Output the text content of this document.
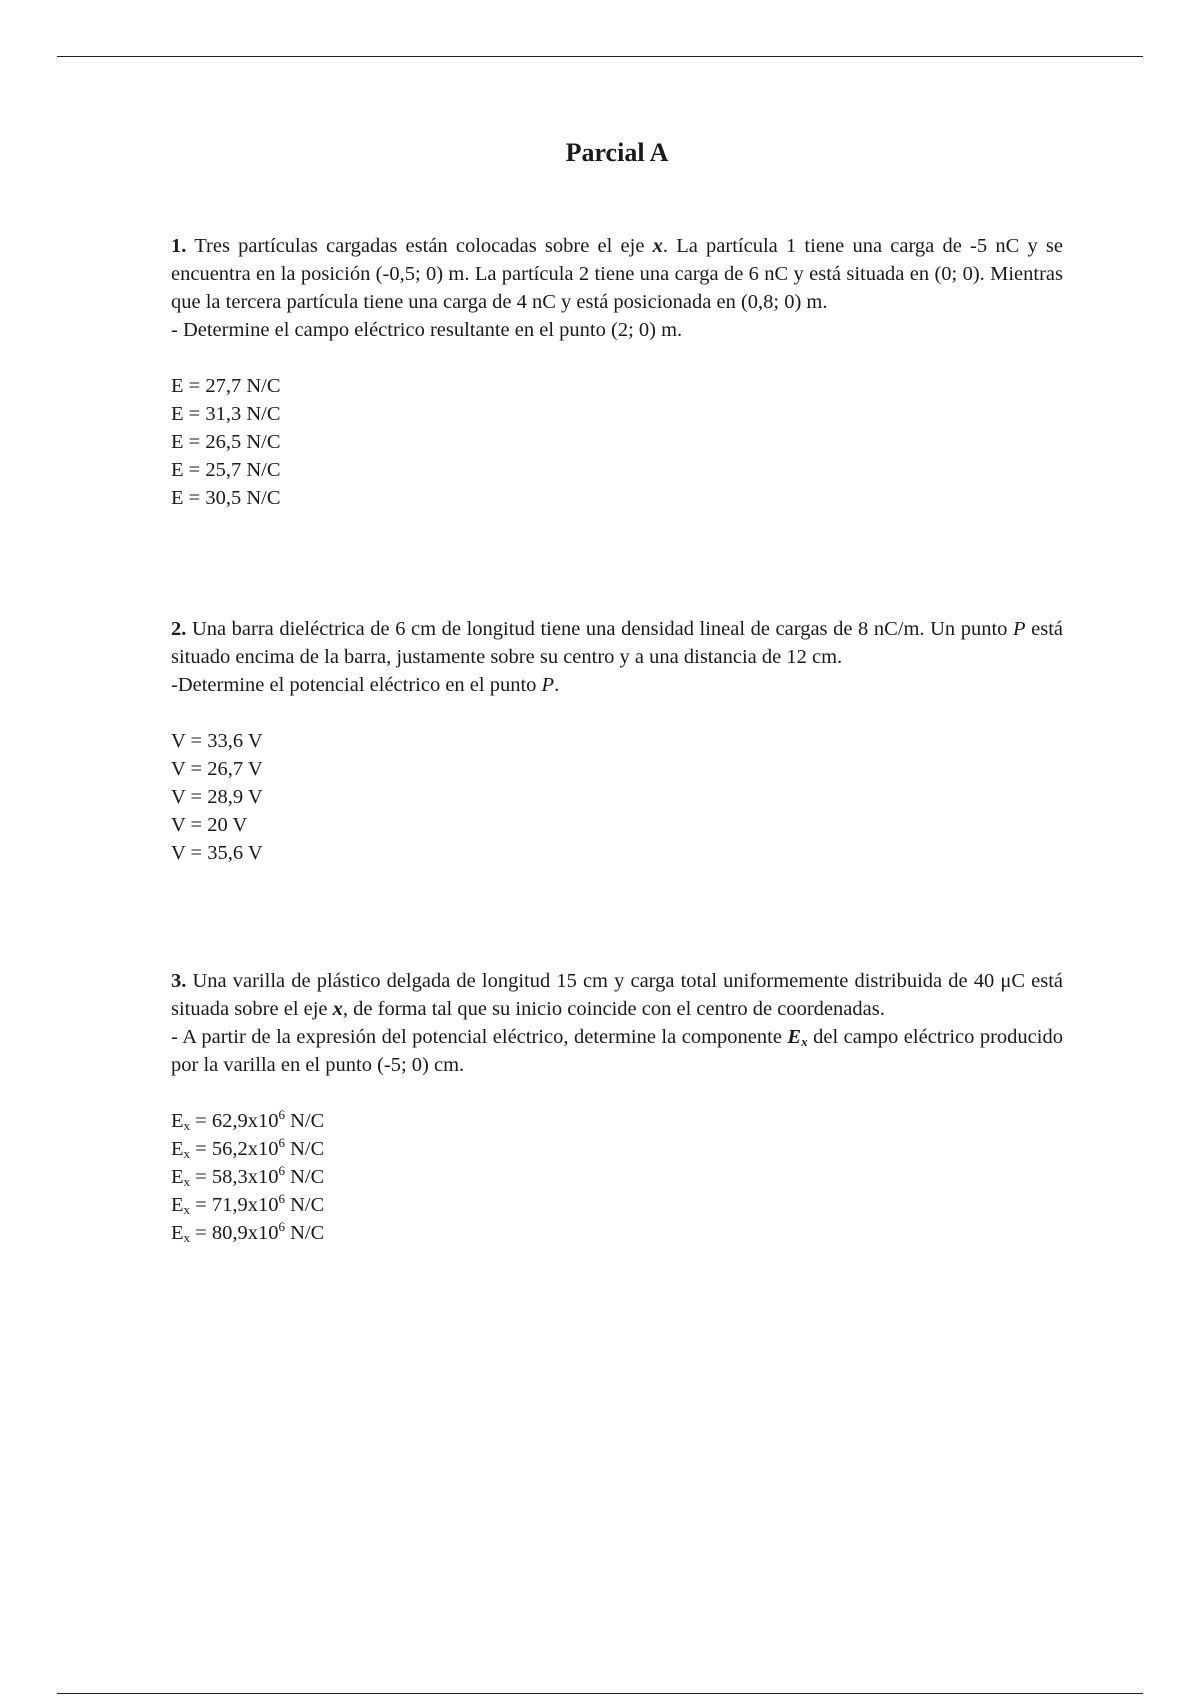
Parcial A

1. Tres partículas cargadas están colocadas sobre el eje x. La partícula 1 tiene una carga de -5 nC y se encuentra en la posición (-0,5; 0) m. La partícula 2 tiene una carga de 6 nC y está situada en (0; 0). Mientras que la tercera partícula tiene una carga de 4 nC y está posicionada en (0,8; 0) m.

- Determine el campo eléctrico resultante en el punto (2; 0) m.

E = 27,7 N/C
E = 31,3 N/C
E = 26,5 N/C
E = 25,7 N/C
E = 30,5 N/C

2. Una barra dieléctrica de 6 cm de longitud tiene una densidad lineal de cargas de 8 nC/m. Un punto P está situado encima de la barra, justamente sobre su centro y a una distancia de 12 cm.

-Determine el potencial eléctrico en el punto P.

V = 33,6 V
V = 26,7 V
V = 28,9 V
V = 20 V
V = 35,6 V

3. Una varilla de plástico delgada de longitud 15 cm y carga total uniformemente distribuida de 40 μC está situada sobre el eje x, de forma tal que su inicio coincide con el centro de coordenadas.

- A partir de la expresión del potencial eléctrico, determine la componente $E_x$ del campo eléctrico producido por la varilla en el punto (-5; 0) cm.

$E_x = 62,9x10^6$ N/C
$E_x = 56,2x10^6$ N/C
$E_x = 58,3x10^6$ N/C
$E_x = 71,9x10^6$ N/C
$E_x = 80,9x10^6$ N/C
